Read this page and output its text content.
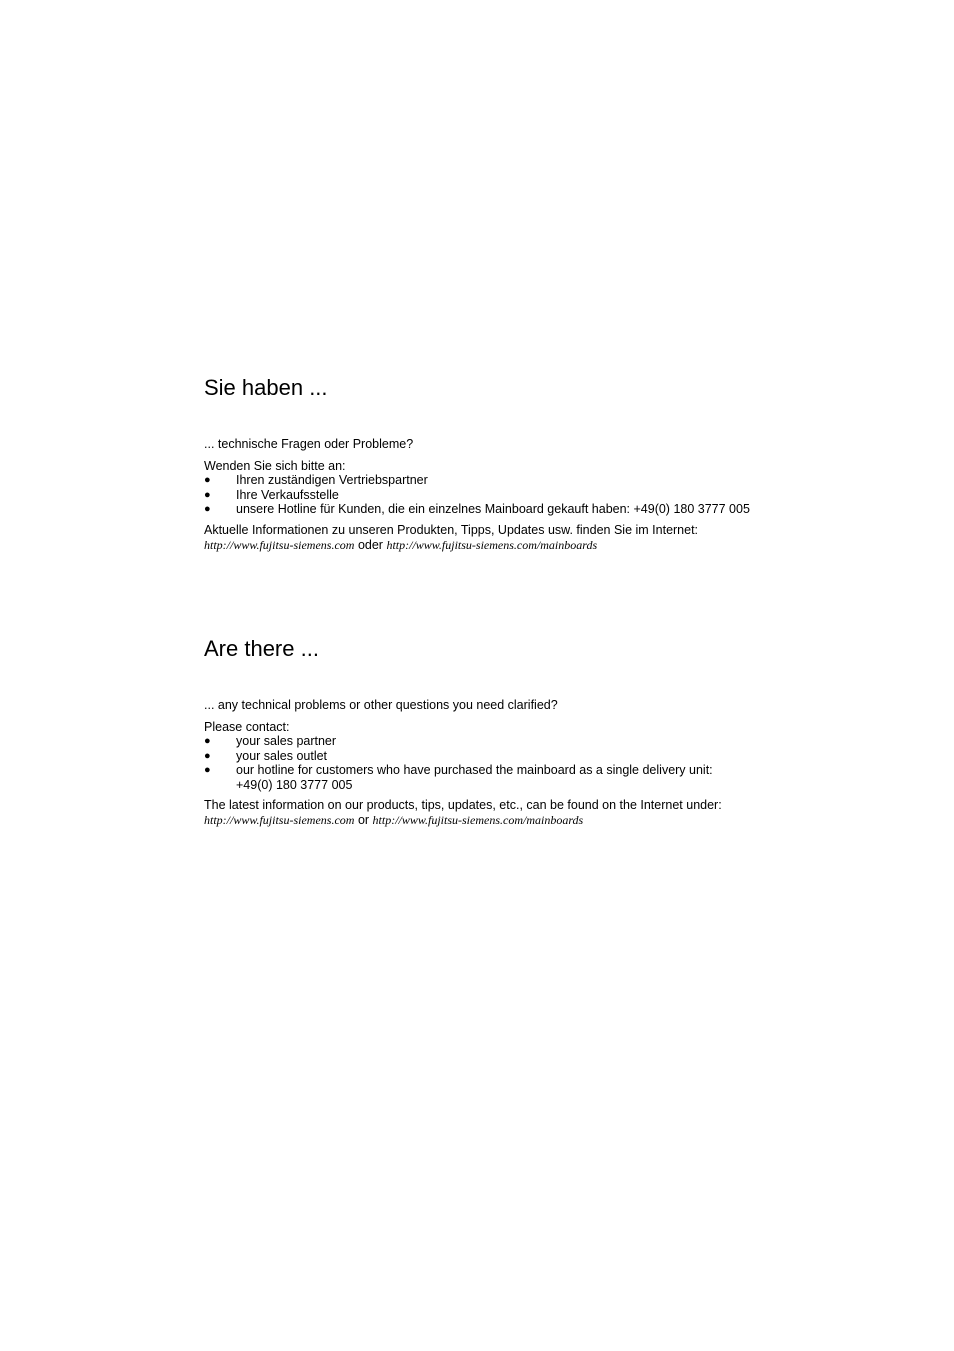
Sie haben ...

... technische Fragen oder Probleme?

Wenden Sie sich bitte an:
● Ihren zuständigen Vertriebspartner
● Ihre Verkaufsstelle
● unsere Hotline für Kunden, die ein einzelnes Mainboard gekauft haben: +49(0) 180 3777 005
Aktuelle Informationen zu unseren Produkten, Tipps, Updates usw. finden Sie im Internet:
http://www.fujitsu-siemens.com oder http://www.fujitsu-siemens.com/mainboards
Are there ...

... any technical problems or other questions you need clarified?

Please contact:
● your sales partner
● your sales outlet
● our hotline for customers who have purchased the mainboard as a single delivery unit:
+49(0) 180 3777 005
The latest information on our products, tips, updates, etc., can be found on the Internet under:
http://www.fujitsu-siemens.com or http://www.fujitsu-siemens.com/mainboards
